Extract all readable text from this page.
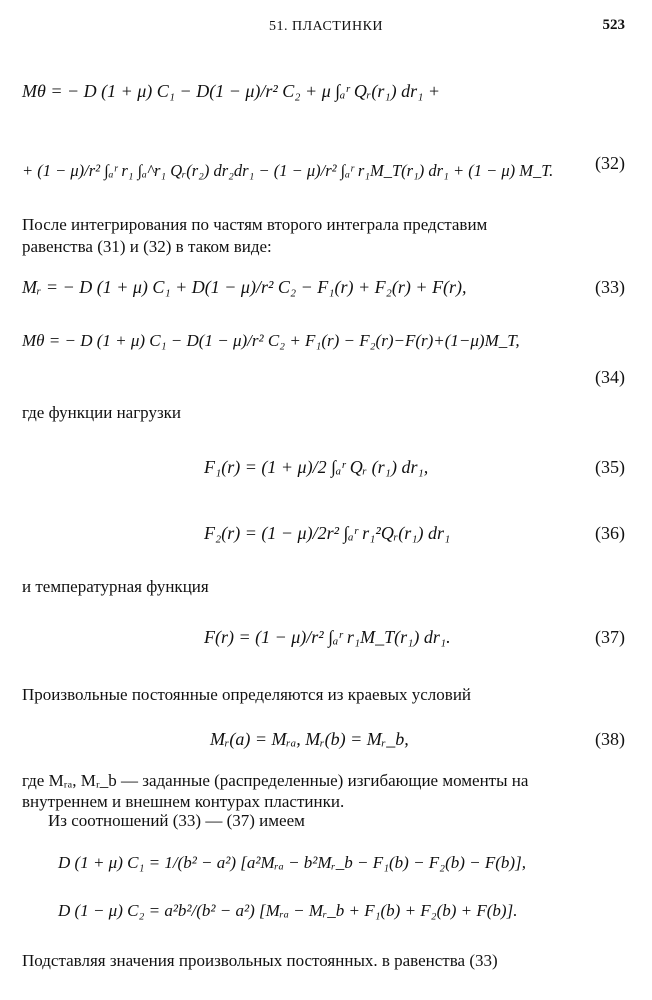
51. ПЛАСТИНКИ	523
Mθ = − D (1 + μ) C₁ − D(1 − μ)/r² C₂ + μ ∫ₐʳ Qᵣ(r₁) dr₁ +
+ (1 − μ)/r² ∫ₐʳ r₁ ∫ₐ^r₁ Qᵣ(r₂) dr₂dr₁ − (1 − μ)/r² ∫ₐʳ r₁M_T(r₁) dr₁ + (1 − μ) M_T. (32)
После интегрирования по частям второго интеграла представим
равенства (31) и (32) в таком виде:
Mᵣ = − D (1 + μ) C₁ + D(1 − μ)/r² C₂ − F₁(r) + F₂(r) + F(r),	(33)
Mθ = − D (1 + μ) C₁ − D(1 − μ)/r² C₂ + F₁(r) − F₂(r)−F(r)+(1−μ)M_T,
(34)
где функции нагрузки
F₁(r) = (1 + μ)/2 ∫ₐʳ Qᵣ (r₁) dr₁,	(35)
F₂(r) = (1 − μ)/2r² ∫ₐʳ r₁²Qᵣ(r₁) dr₁	(36)
и температурная функция
F(r) = (1 − μ)/r² ∫ₐʳ r₁M_T(r₁) dr₁.	(37)
Произвольные постоянные определяются из краевых условий
Mᵣ(a) = Mᵣₐ, Mᵣ(b) = Mᵣ_b,	(38)
где Mᵣₐ, Mᵣ_b — заданные (распределенные) изгибающие моменты на
внутреннем и внешнем контурах пластинки.
Из соотношений (33) — (37) имеем
D (1 + μ) C₁ = 1/(b² − a²) [a²Mᵣₐ − b²Mᵣ_b − F₁(b) − F₂(b) − F(b)],
D (1 − μ) C₂ = a²b²/(b² − a²) [Mᵣₐ − Mᵣ_b + F₁(b) + F₂(b) + F(b)].
Подставляя значения произвольных постоянных. в равенства (33)
